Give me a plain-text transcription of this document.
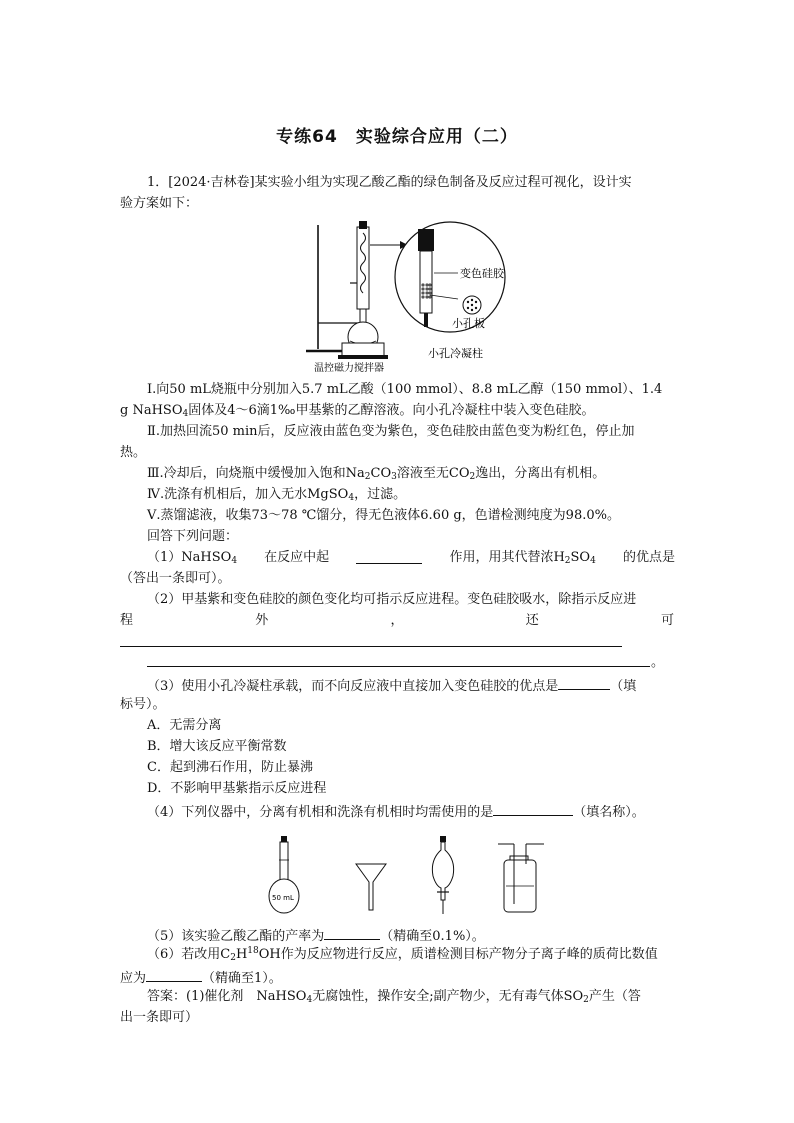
专练64　实验综合应用（二）
1．[2024·吉林卷]某实验小组为实现乙酸乙酯的绿色制备及反应过程可视化，设计实
验方案如下：
变色硅胶
小孔板
温控磁力搅拌器
小孔冷凝柱
Ⅰ.向50 mL烧瓶中分别加入5.7 mL乙酸（100 mmol）、8.8 mL乙醇（150 mmol）、1.4
g NaHSO$_4$固体及4～6滴1‰甲基紫的乙醇溶液。向小孔冷凝柱中装入变色硅胶。
Ⅱ.加热回流50 min后，反应液由蓝色变为紫色，变色硅胶由蓝色变为粉红色，停止加
热。
Ⅲ.冷却后，向烧瓶中缓慢加入饱和$Na_2CO_3$溶液至无$CO_2$逸出，分离出有机相。
Ⅳ.洗涤有机相后，加入无水MgSO$_4$，过滤。
Ⅴ.蒸馏滤液，收集73～78 ℃馏分，得无色液体6.60 g，色谱检测纯度为98.0%。
回答下列问题：
（1）NaHSO$_4$ 在反应中起	作用，用其代替浓$H_2SO_4$ 的优点是
（答出一条即可）。
（2）甲基紫和变色硅胶的颜色变化均可指示反应进程。变色硅胶吸水，除指示反应进
程	外	，	还	可
。
（3）使用小孔冷凝柱承载，而不向反应液中直接加入变色硅胶的优点是	（填
标号）。
A．无需分离
B．增大该反应平衡常数
C．起到沸石作用，防止暴沸
D．不影响甲基紫指示反应进程
（4）下列仪器中，分离有机相和洗涤有机相时均需使用的是	（填名称）。
50 mL
（5）该实验乙酸乙酯的产率为	（精确至0.1%）。
（6）若改用$C_2H^{18}OH$作为反应物进行反应，质谱检测目标产物分子离子峰的质荷比数值
应为	（精确至1）。
答案：(1)催化剂　NaHSO$_4$无腐蚀性，操作安全;副产物少，无有毒气体$SO_2$产生（答
出一条即可）
